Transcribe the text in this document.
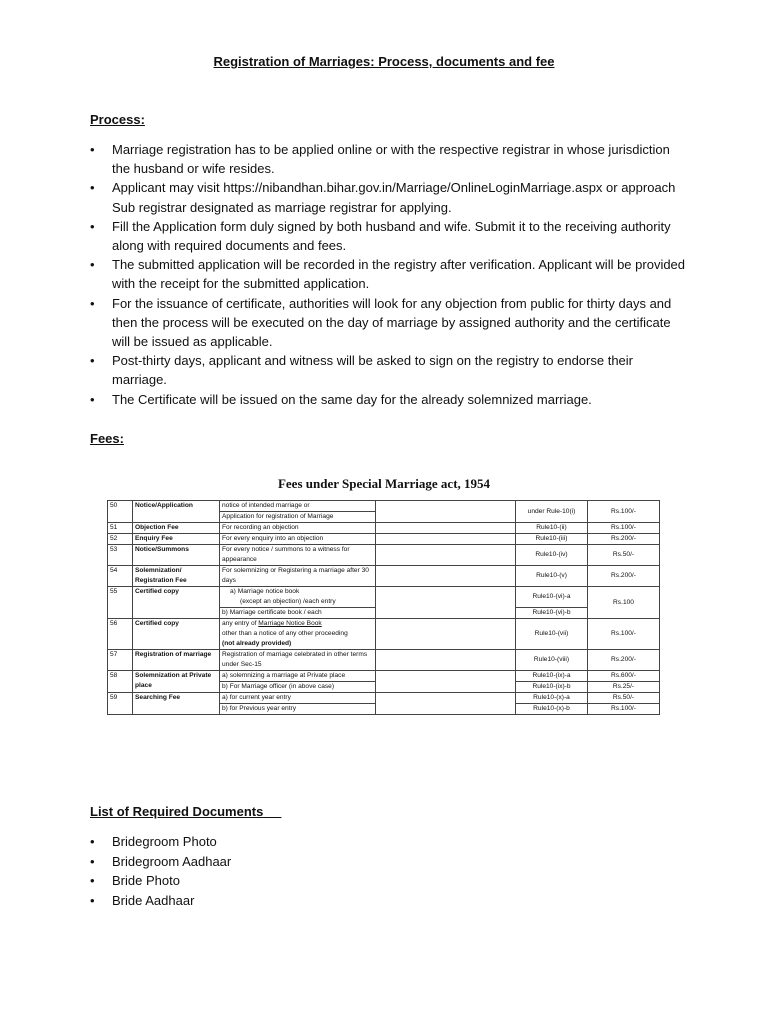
Registration of Marriages: Process, documents and fee
Process:
• Marriage registration has to be applied online or with the respective registrar in whose jurisdiction the husband or wife resides.
• Applicant may visit https://nibandhan.bihar.gov.in/Marriage/OnlineLoginMarriage.aspx or approach Sub registrar designated as marriage registrar for applying.
• Fill the Application form duly signed by both husband and wife. Submit it to the receiving authority along with required documents and fees.
• The submitted application will be recorded in the registry after verification. Applicant will be provided with the receipt for the submitted application.
• For the issuance of certificate, authorities will look for any objection from public for thirty days and then the process will be executed on the day of marriage by assigned authority and the certificate will be issued as applicable.
• Post-thirty days, applicant and witness will be asked to sign on the registry to endorse their marriage.
• The Certificate will be issued on the same day for the already solemnized marriage.
Fees:
Fees under Special Marriage act, 1954
50	Notice/Application	notice of intended marriage or		under Rule-10(i)	Rs.100/-
		Application for registration of Marriage			
51	Objection Fee	For recording an objection		Rule10-(ii)	Rs.100/-
52	Enquiry Fee	For every enquiry into an objection		Rule10-(iii)	Rs.200/-
53	Notice/Summons	For every notice / summons to a witness for appearance		Rule10-(iv)	Rs.50/-
54	Solemnization/ Registration Fee	For solemnizing or Registering a marriage after 30 days		Rule10-(v)	Rs.200/-
55	Certified copy	a) Marriage notice book
(except an objection) /each entry		Rule10-(vi)-a	Rs.100
		b) Marriage certificate book / each		Rule10-(vi)-b	
56	Certified copy	any entry of Marriage Notice Book
other than a notice of any other proceeding
(not already provided)		Rule10-(vii)	Rs.100/-
57	Registration of marriage	Registration of marriage celebrated in other terms under Sec-15		Rule10-(viii)	Rs.200/-
58	Solemnization at Private place	a) solemnizing a marriage at Private place		Rule10-(ix)-a	Rs.600/-
		b) For Marriage officer (in above case)		Rule10-(ix)-b	Rs.25/-
59	Searching Fee	a) for current year entry		Rule10-(x)-a	Rs.50/-
		b) for Previous year entry		Rule10-(x)-b	Rs.100/-
List of Required Documents
• Bridegroom Photo
• Bridegroom Aadhaar
• Bride Photo
• Bride Aadhaar
